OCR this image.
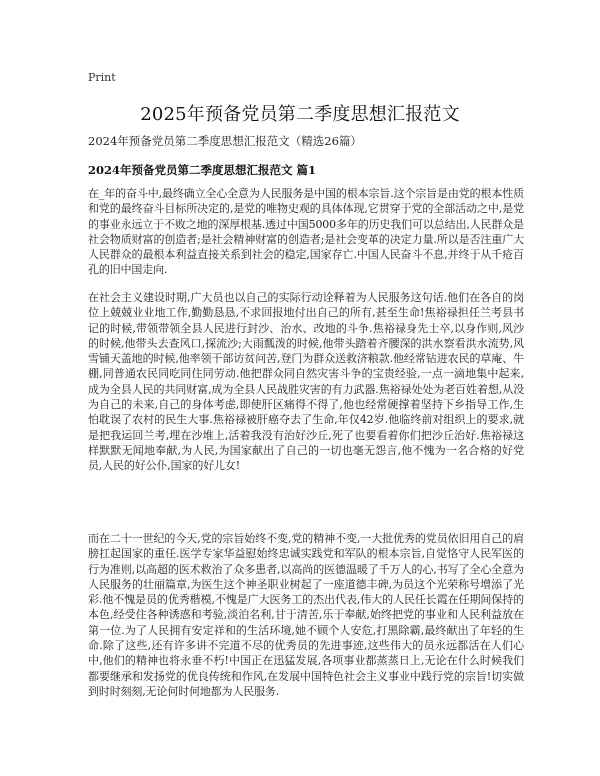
Print
2025年预备党员第二季度思想汇报范文
2024年预备党员第二季度思想汇报范文（精选26篇）
2024年预备党员第二季度思想汇报范文 篇1
在_年的奋斗中,最终确立全心全意为人民服务是中国的根本宗旨.这个宗旨是由党的根本性质和党的最终奋斗目标所决定的,是党的唯物史观的具体体现,它贯穿于党的全部活动之中,是党的事业永远立于不败之地的深厚根基.透过中国5000多年的历史我们可以总结出,人民群众是社会物质财富的创造者;是社会精神财富的创造者;是社会变革的决定力量.所以是否注重广大人民群众的最根本利益直接关系到社会的稳定,国家存亡.中国人民奋斗不息,并终于从千疮百孔的旧中国走向.
在社会主义建设时期,广大员也以自己的实际行动诠释着为人民服务这句话.他们在各自的岗位上兢兢业业地工作,勤勤恳恳,不求回报地付出自己的所有,甚至生命!焦裕禄担任兰考县书记的时候,带领带领全县人民进行封沙、治水、改地的斗争.焦裕禄身先士卒,以身作则,风沙的时候,他带头去查风口,探流沙;大雨瓢泼的时候,他带头踏着齐腰深的洪水察看洪水流势,风雪铺天盖地的时候,他率领干部访贫问苦,登门为群众送救济粮款.他经常钻进农民的草庵、牛棚,同普通农民同吃同住同劳动.他把群众同自然灾害斗争的宝贵经验,一点一滴地集中起来,成为全县人民的共同财富,成为全县人民战胜灾害的有力武器.焦裕禄处处为老百姓着想,从没为自己的未来,自己的身体考虑,即使肝区痛得不得了,他也经常硬撑着坚持下乡指导工作,生怕耽误了农村的民生大事.焦裕禄被肝癌夺去了生命,年仅42岁.他临终前对组织上的要求,就是把我运回兰考,埋在沙堆上,活着我没有治好沙丘,死了也要看着你们把沙丘治好.焦裕禄这样默默无闻地奉献,为人民,为国家献出了自己的一切也毫无怨言,他不愧为一名合格的好党员,人民的好公仆,国家的好儿女!
而在二十一世纪的今天,党的宗旨始终不变,党的精神不变,一大批优秀的党员依旧用自己的肩膀扛起国家的重任.医学专家华益慰始终忠诚实践党和军队的根本宗旨,自觉恪守人民军医的行为准则,以高超的医术救治了众多患者,以高尚的医德温暖了千万人的心,书写了全心全意为人民服务的壮丽篇章,为医生这个神圣职业树起了一座道德丰碑,为员这个光荣称号增添了光彩.他不愧是员的优秀楷模,不愧是广大医务工的杰出代表,伟大的人民任长霞在任期间保持的本色,经受住各种诱惑和考验,淡泊名利,甘于清苦,乐于奉献,始终把党的事业和人民利益放在第一位.为了人民拥有安定祥和的生活环境,她不顾个人安危,打黑除霸,最终献出了年轻的生命.除了这些,还有许多讲不完道不尽的优秀员的先进事迹,这些伟大的员永远都活在人们心中,他们的精神也将永垂不朽!中国正在迅猛发展,各项事业都蒸蒸日上,无论在什么时候我们都要继承和发扬党的优良传统和作风,在发展中国特色社会主义事业中践行党的宗旨!切实做到时时刻刻,无论何时何地都为人民服务.
